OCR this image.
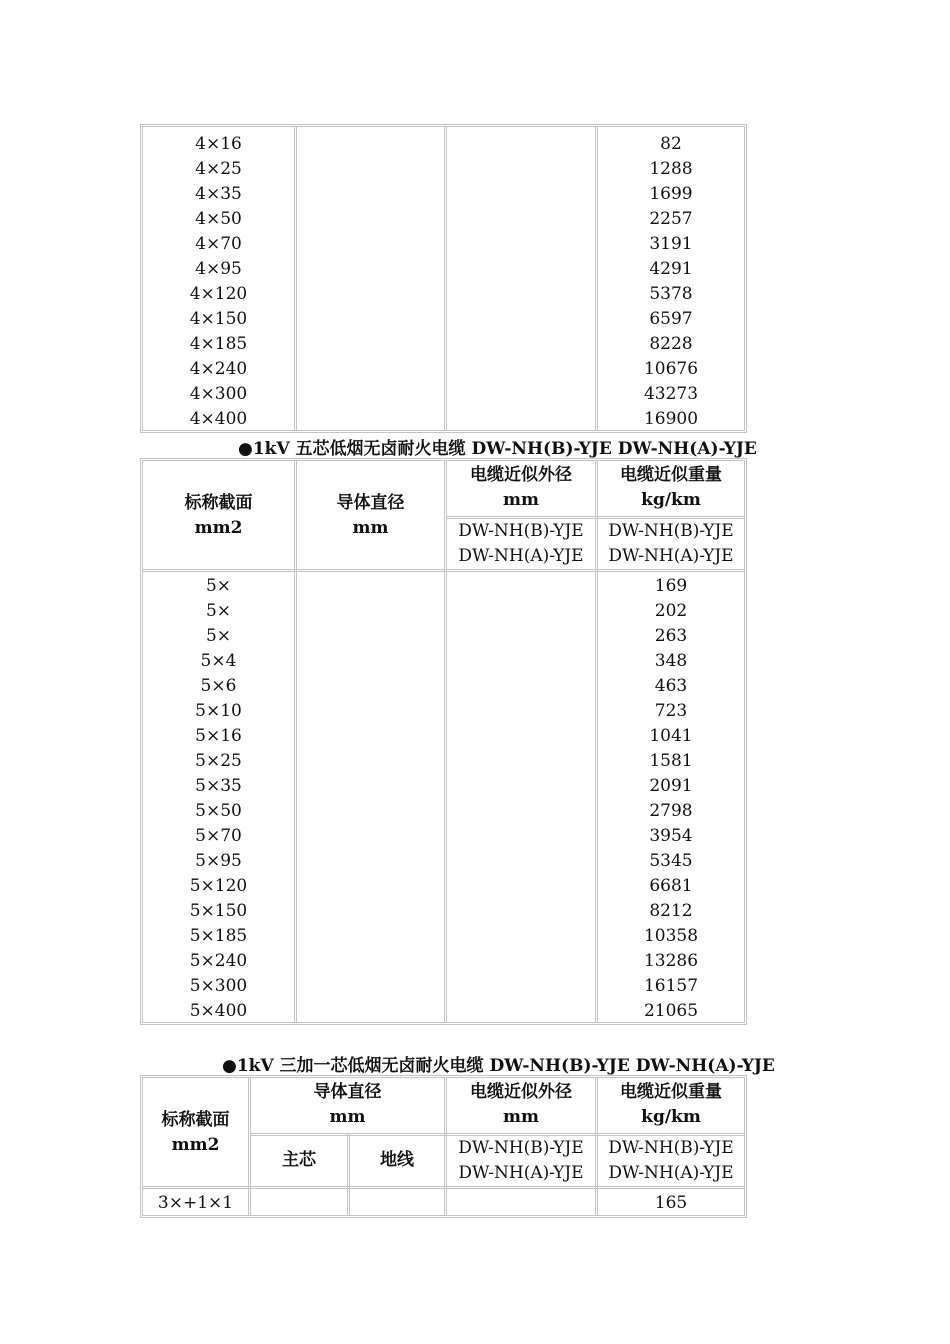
4×16
4×25
4×35
4×50
4×70
4×95
4×120
4×150
4×185
4×240
4×300
4×400
82
1288
1699
2257
3191
4291
5378
6597
8228
10676
43273
16900
●1kV 五芯低烟无卤耐火电缆 DW-NH(B)-YJE DW-NH(A)-YJE
标称截面
mm2
导体直径
mm
电缆近似外径
mm
电缆近似重量
kg/km
DW-NH(B)-YJE
DW-NH(A)-YJE
DW-NH(B)-YJE
DW-NH(A)-YJE
5×
5×
5×
5×4
5×6
5×10
5×16
5×25
5×35
5×50
5×70
5×95
5×120
5×150
5×185
5×240
5×300
5×400
169
202
263
348
463
723
1041
1581
2091
2798
3954
5345
6681
8212
10358
13286
16157
21065
●1kV 三加一芯低烟无卤耐火电缆 DW-NH(B)-YJE DW-NH(A)-YJE
标称截面
mm2
导体直径
mm
主芯	地线
电缆近似外径
mm
电缆近似重量
kg/km
DW-NH(B)-YJE
DW-NH(A)-YJE
DW-NH(B)-YJE
DW-NH(A)-YJE
3×+1×1	165
